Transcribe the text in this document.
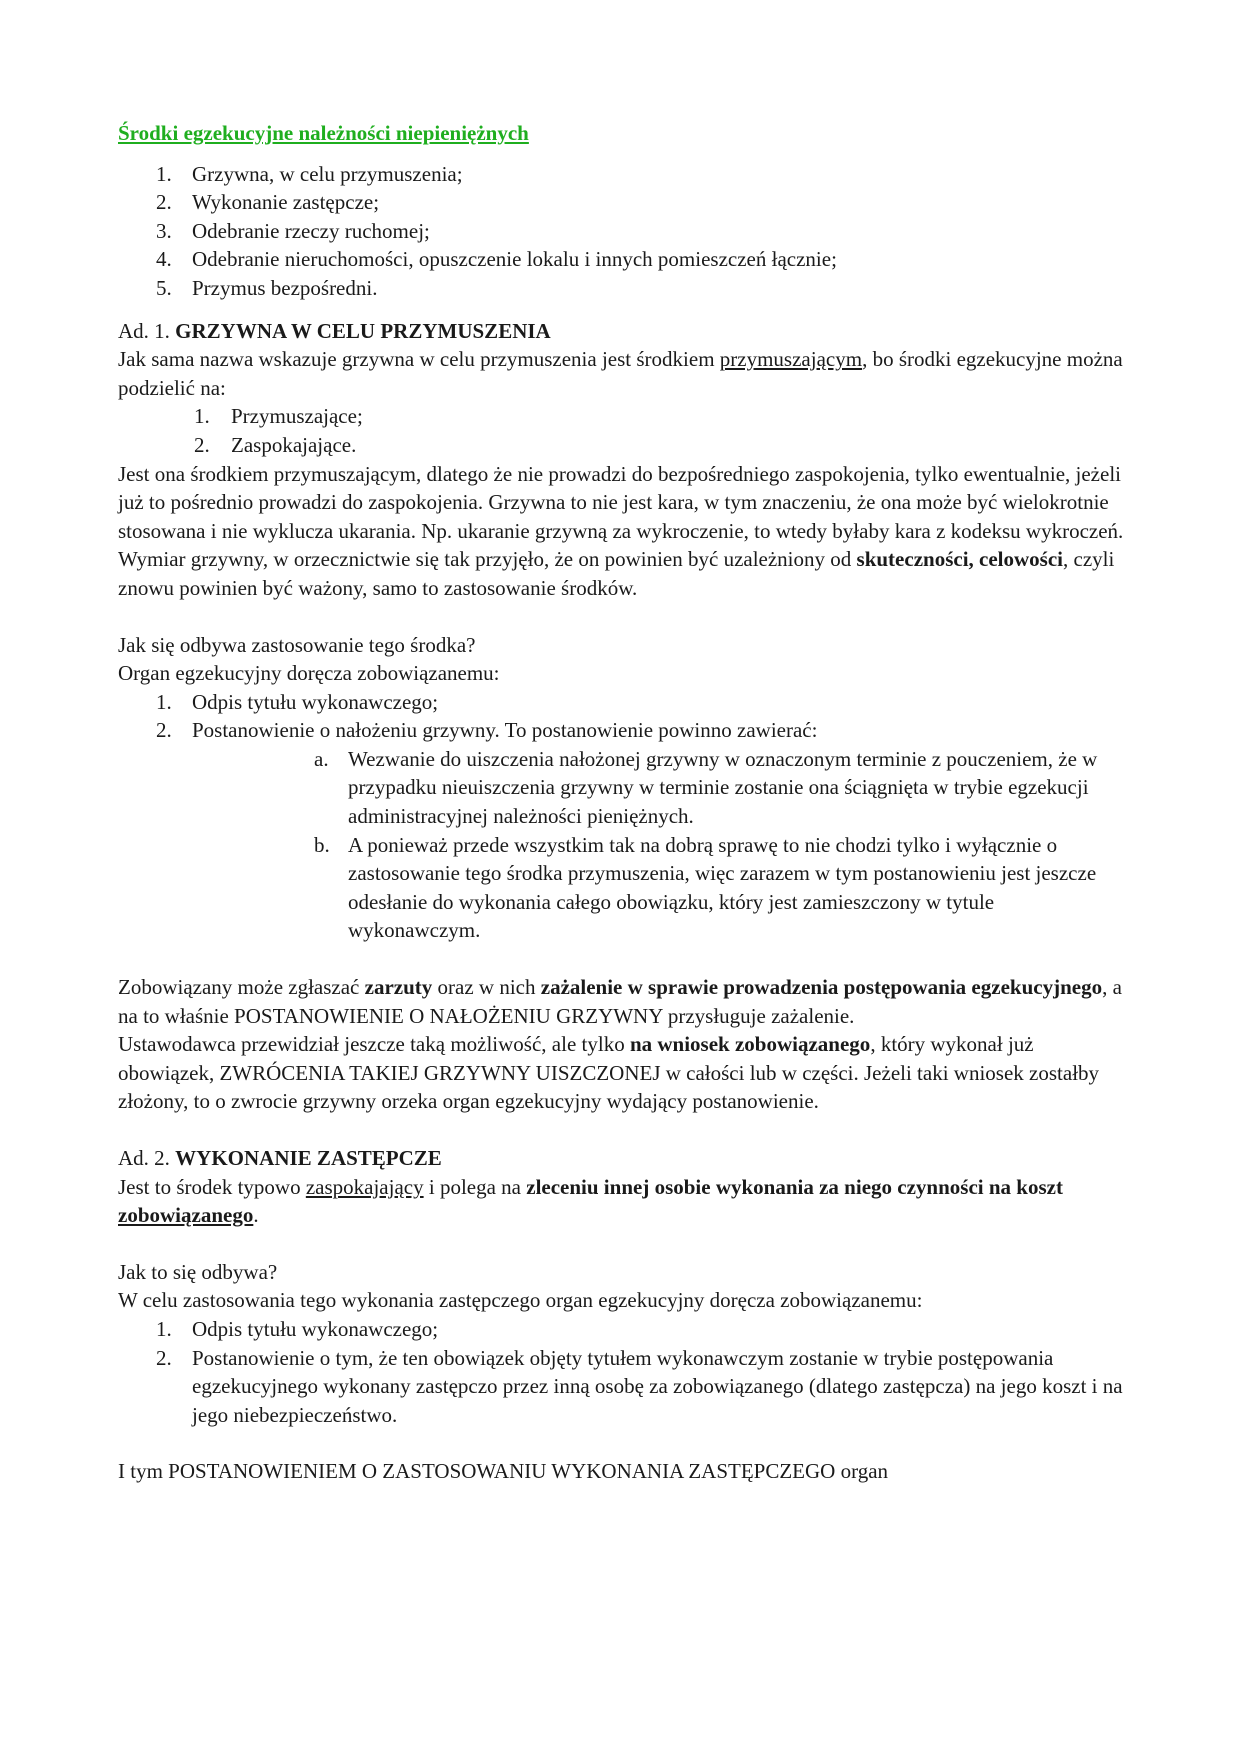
Środki egzekucyjne należności niepieniężnych

1. Grzywna, w celu przymuszenia;
2. Wykonanie zastępcze;
3. Odebranie rzeczy ruchomej;
4. Odebranie nieruchomości, opuszczenie lokalu i innych pomieszczeń łącznie;
5. Przymus bezpośredni.

Ad. 1. GRZYWNA W CELU PRZYMUSZENIA

Jak sama nazwa wskazuje grzywna w celu przymuszenia jest środkiem przymuszającym, bo środki egzekucyjne można podzielić na:

1. Przymuszające;
2. Zaspokajające.

Jest ona środkiem przymuszającym, dlatego że nie prowadzi do bezpośredniego zaspokojenia, tylko ewentualnie, jeżeli już to pośrednio prowadzi do zaspokojenia. Grzywna to nie jest kara, w tym znaczeniu, że ona może być wielokrotnie stosowana i nie wyklucza ukarania. Np. ukaranie grzywną za wykroczenie, to wtedy byłaby kara z kodeksu wykroczeń.

Wymiar grzywny, w orzecznictwie się tak przyjęło, że on powinien być uzależniony od skuteczności, celowości, czyli znowu powinien być ważony, samo to zastosowanie środków.

Jak się odbywa zastosowanie tego środka?

Organ egzekucyjny doręcza zobowiązanemu:

1. Odpis tytułu wykonawczego;
2. Postanowienie o nałożeniu grzywny. To postanowienie powinno zawierać:
a. Wezwanie do uiszczenia nałożonej grzywny w oznaczonym terminie z pouczeniem, że w przypadku nieuiszczenia grzywny w terminie zostanie ona ściągnięta w trybie egzekucji administracyjnej należności pieniężnych.
b. A ponieważ przede wszystkim tak na dobrą sprawę to nie chodzi tylko i wyłącznie o zastosowanie tego środka przymuszenia, więc zarazem w tym postanowieniu jest jeszcze odesłanie do wykonania całego obowiązku, który jest zamieszczony w tytule wykonawczym.

Zobowiązany może zgłaszać zarzuty oraz w nich zażalenie w sprawie prowadzenia postępowania egzekucyjnego, a na to właśnie POSTANOWIENIE O NAŁOŻENIU GRZYWNY przysługuje zażalenie.

Ustawodawca przewidział jeszcze taką możliwość, ale tylko na wniosek zobowiązanego, który wykonał już obowiązek, ZWRÓCENIA TAKIEJ GRZYWNY UISZCZONEJ w całości lub w części. Jeżeli taki wniosek zostałby złożony, to o zwrocie grzywny orzeka organ egzekucyjny wydający postanowienie.

Ad. 2. WYKONANIE ZASTĘPCZE

Jest to środek typowo zaspokajający i polega na zleceniu innej osobie wykonania za niego czynności na koszt zobowiązanego.

Jak to się odbywa?

W celu zastosowania tego wykonania zastępczego organ egzekucyjny doręcza zobowiązanemu:

1. Odpis tytułu wykonawczego;
2. Postanowienie o tym, że ten obowiązek objęty tytułem wykonawczym zostanie w trybie postępowania egzekucyjnego wykonany zastępczo przez inną osobę za zobowiązanego (dlatego zastępcza) na jego koszt i na jego niebezpieczeństwo.

I tym POSTANOWIENIEM O ZASTOSOWANIU WYKONANIA ZASTĘPCZEGO organ
